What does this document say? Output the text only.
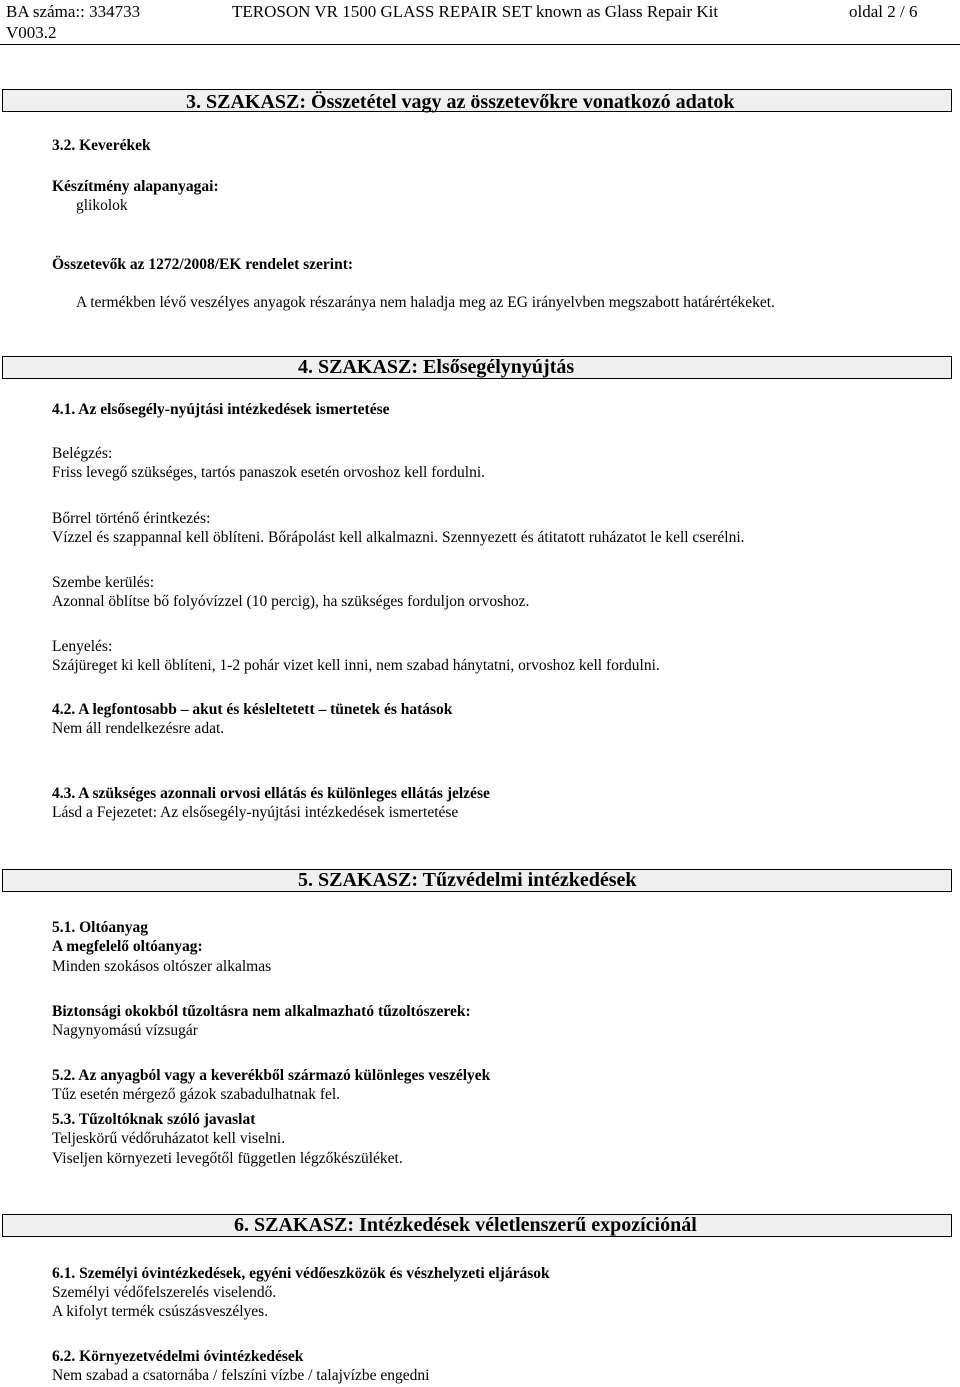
BA száma:: 334733
V003.2
TEROSON VR 1500 GLASS REPAIR SET known as Glass Repair Kit	oldal 2 / 6
3. SZAKASZ: Összetétel vagy az összetevőkre vonatkozó adatok
3.2. Keverékek
Készítmény alapanyagai:
glikolok
Összetevők az 1272/2008/EK rendelet szerint:
A termékben lévő veszélyes anyagok részaránya nem haladja meg az EG irányelvben megszabott határértékeket.
4. SZAKASZ: Elsősegélynyújtás
4.1. Az elsősegély-nyújtási intézkedések ismertetése
Belégzés:
Friss levegő szükséges, tartós panaszok esetén orvoshoz kell fordulni.
Bőrrel történő érintkezés:
Vízzel és szappannal kell öblíteni. Bőrápolást kell alkalmazni. Szennyezett és átitatott ruházatot le kell cserélni.
Szembe kerülés:
Azonnal öblítse bő folyóvízzel (10 percig), ha szükséges forduljon orvoshoz.
Lenyelés:
Szájüreget ki kell öblíteni, 1-2 pohár vizet kell inni, nem szabad hánytatni, orvoshoz kell fordulni.
4.2. A legfontosabb – akut és késleltetett – tünetek és hatások
Nem áll rendelkezésre adat.
4.3. A szükséges azonnali orvosi ellátás és különleges ellátás jelzése
Lásd a Fejezetet: Az elsősegély-nyújtási intézkedések ismertetése
5. SZAKASZ: Tűzvédelmi intézkedések
5.1. Oltóanyag
A megfelelő oltóanyag:
Minden szokásos oltószer alkalmas
Biztonsági okokból tűzoltásra nem alkalmazható tűzoltószerek:
Nagynyomású vízsugár
5.2. Az anyagból vagy a keverékből származó különleges veszélyek
Tűz esetén mérgező gázok szabadulhatnak fel.
5.3. Tűzoltóknak szóló javaslat
Teljeskörű védőruházatot kell viselni.
Viseljen környezeti levegőtől független légzőkészüléket.
6. SZAKASZ: Intézkedések véletlenszerű expozíciónál
6.1. Személyi óvintézkedések, egyéni védőeszközök és vészhelyzeti eljárások
Személyi védőfelszerelés viselendő.
A kifolyt termék csúszásveszélyes.
6.2. Környezetvédelmi óvintézkedések
Nem szabad a csatornába / felszíni vízbe / talajvízbe engedni
